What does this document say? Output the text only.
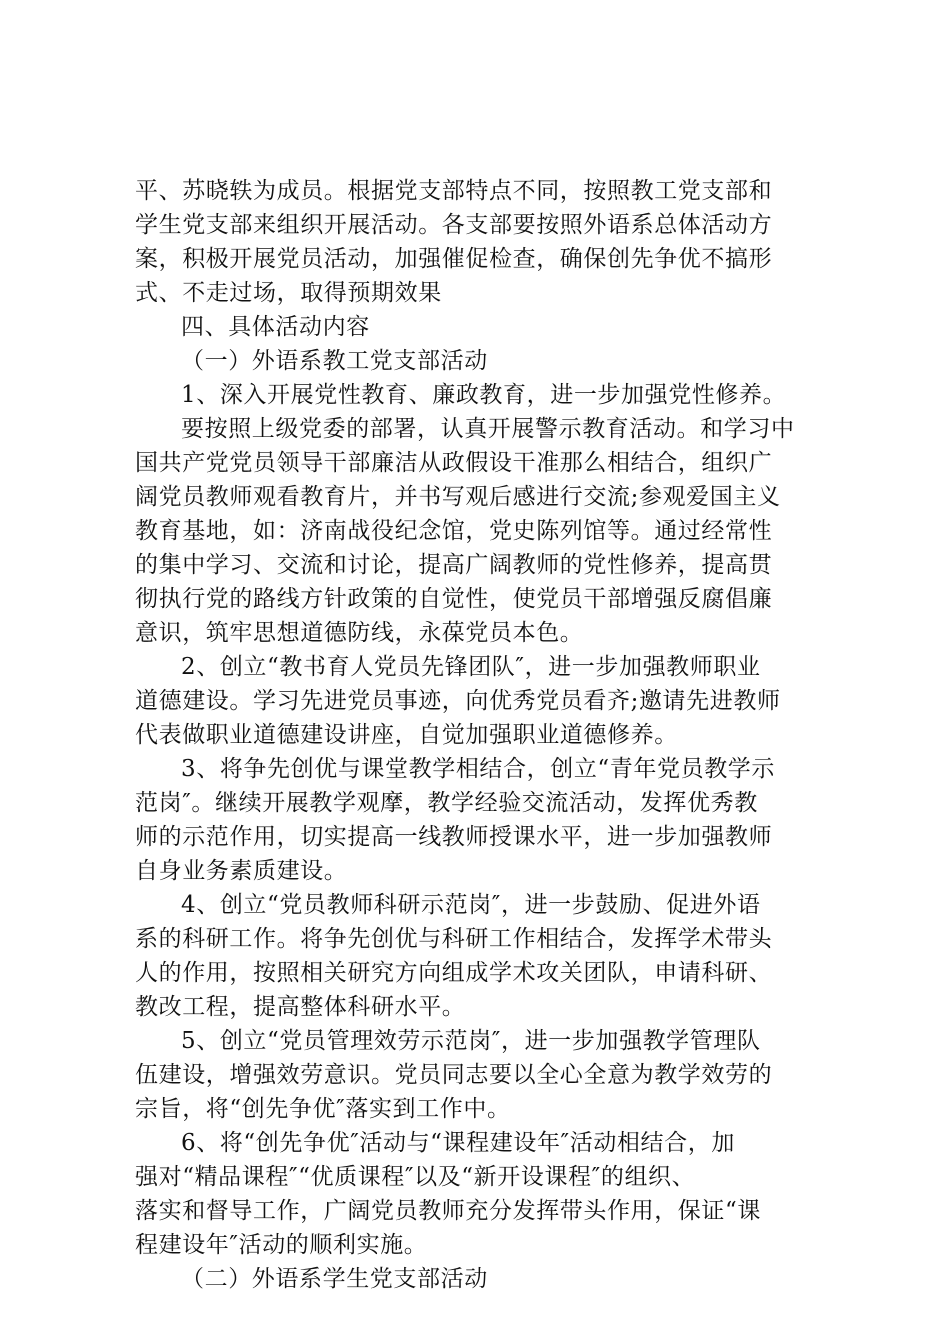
平、苏晓轶为成员。根据党支部特点不同，按照教工党支部和
学生党支部来组织开展活动。各支部要按照外语系总体活动方
案，积极开展党员活动，加强催促检查，确保创先争优不搞形
式、不走过场，取得预期效果
四、具体活动内容
（一）外语系教工党支部活动
1、深入开展党性教育、廉政教育，进一步加强党性修养。
要按照上级党委的部署，认真开展警示教育活动。和学习中
国共产党党员领导干部廉洁从政假设干准那么相结合，组织广
阔党员教师观看教育片，并书写观后感进行交流;参观爱国主义
教育基地，如：济南战役纪念馆，党史陈列馆等。通过经常性
的集中学习、交流和讨论，提高广阔教师的党性修养，提高贯
彻执行党的路线方针政策的自觉性，使党员干部增强反腐倡廉
意识，筑牢思想道德防线，永葆党员本色。
2、创立“教书育人党员先锋团队″，进一步加强教师职业
道德建设。学习先进党员事迹，向优秀党员看齐;邀请先进教师
代表做职业道德建设讲座，自觉加强职业道德修养。
3、将争先创优与课堂教学相结合，创立“青年党员教学示
范岗″。继续开展教学观摩，教学经验交流活动，发挥优秀教
师的示范作用，切实提高一线教师授课水平，进一步加强教师
自身业务素质建设。
4、创立“党员教师科研示范岗″，进一步鼓励、促进外语
系的科研工作。将争先创优与科研工作相结合，发挥学术带头
人的作用，按照相关研究方向组成学术攻关团队，申请科研、
教改工程，提高整体科研水平。
5、创立“党员管理效劳示范岗″，进一步加强教学管理队
伍建设，增强效劳意识。党员同志要以全心全意为教学效劳的
宗旨，将“创先争优″落实到工作中。
6、将“创先争优″活动与“课程建设年″活动相结合，加
强对“精品课程″“优质课程″以及“新开设课程″的组织、
落实和督导工作，广阔党员教师充分发挥带头作用，保证“课
程建设年″活动的顺利实施。
（二）外语系学生党支部活动
